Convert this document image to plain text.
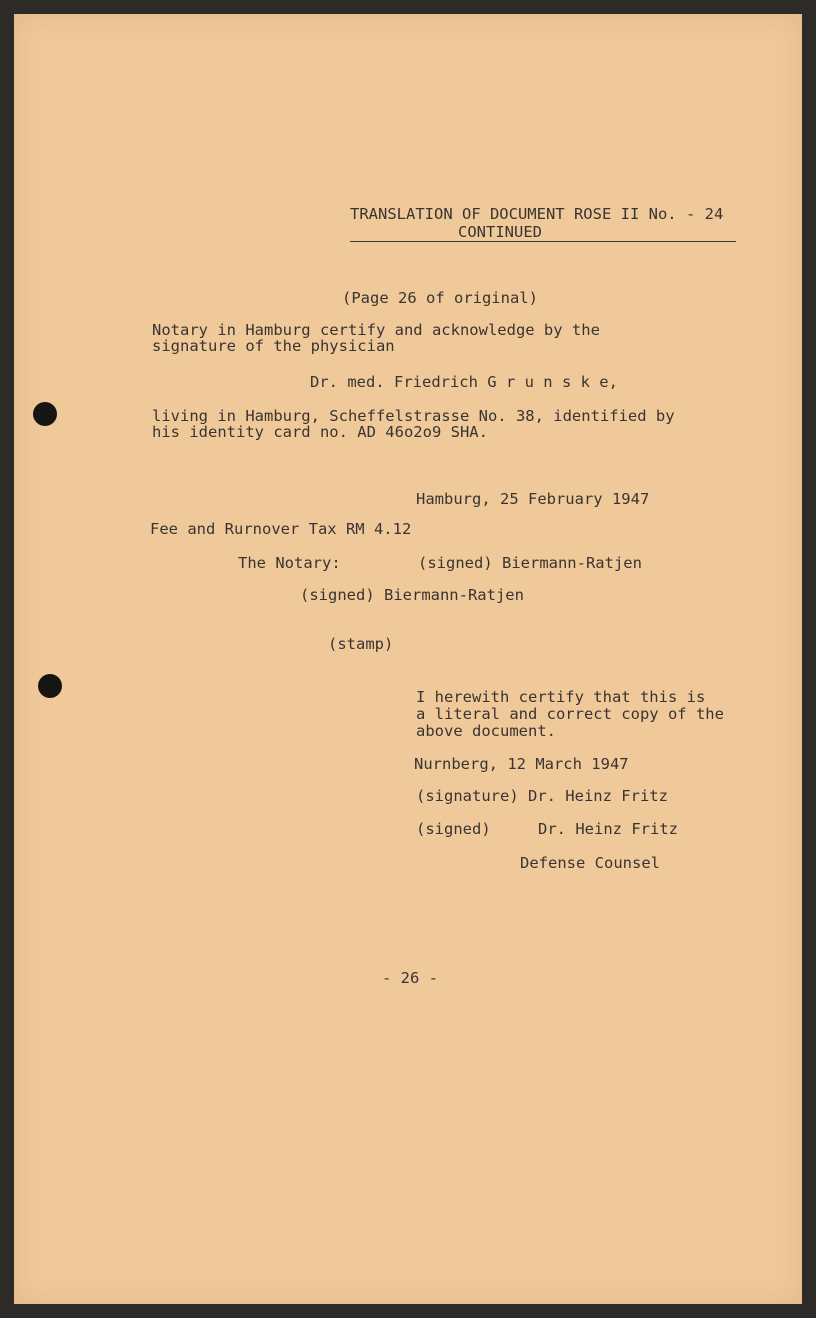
TRANSLATION OF DOCUMENT ROSE II No. - 24

CONTINUED

(Page 26 of original)

Notary in Hamburg certify and acknowledge by the

signature of the physician

Dr. med. Friedrich G r u n s k e,

living in Hamburg, Scheffelstrasse No. 38, identified by

his identity card no. AD 46o2o9 SHA.

Hamburg, 25 February 1947

Fee and Rurnover Tax RM 4.12

The Notary:	(signed) Biermann-Ratjen

(signed) Biermann-Ratjen

(stamp)

I herewith certify that this is

a literal and correct copy of the

above document.

Nurnberg, 12 March 1947

(signature) Dr. Heinz Fritz

(signed)	Dr. Heinz Fritz

Defense Counsel

- 26 -
